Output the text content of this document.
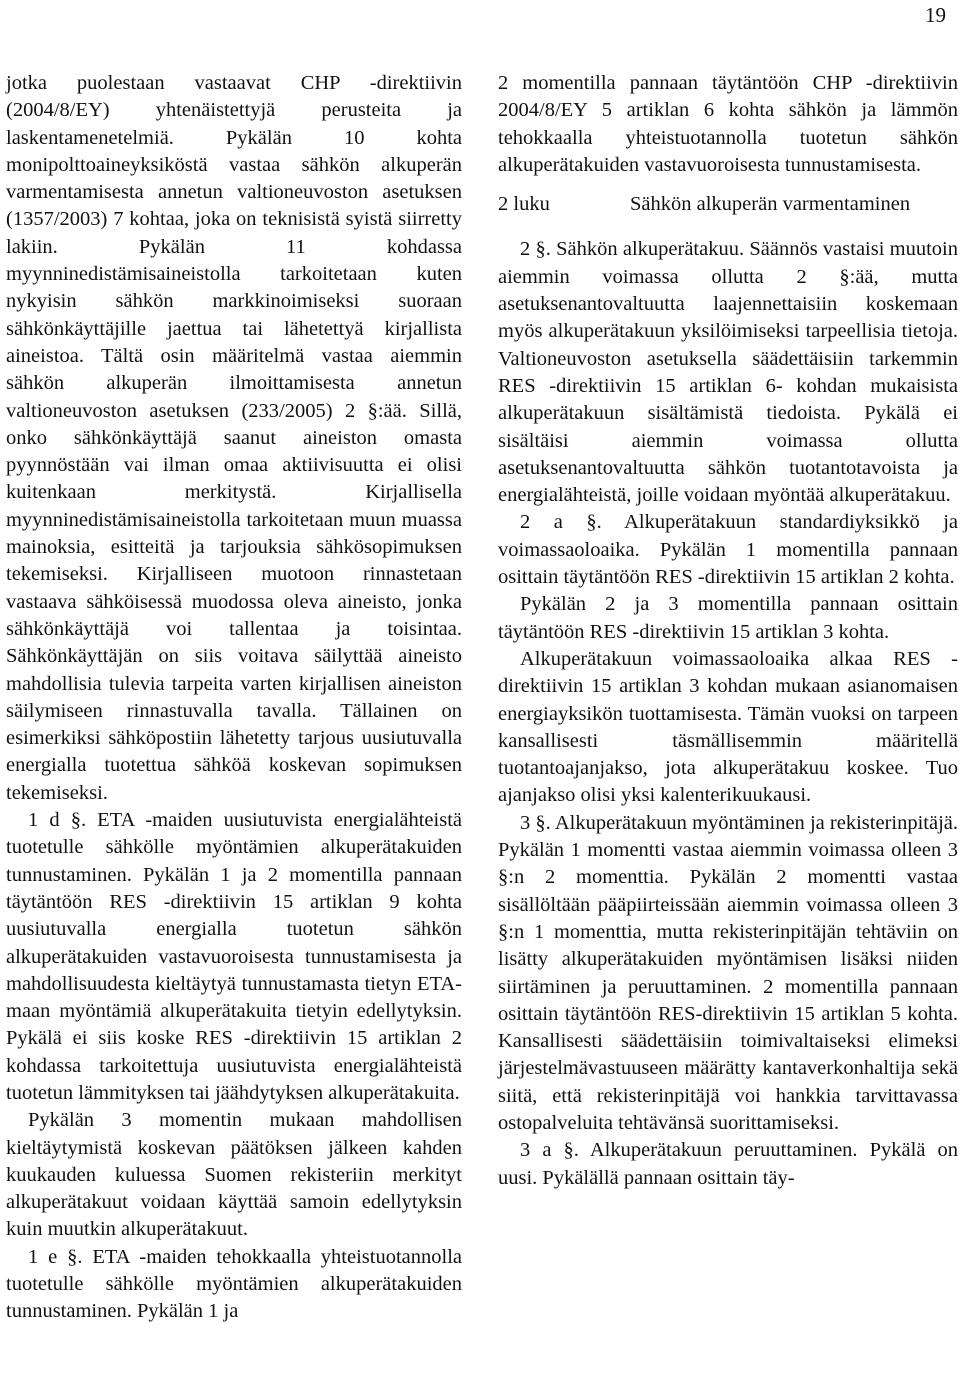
19

jotka puolestaan vastaavat CHP -direktiivin (2004/8/EY) yhtenäistettyjä perusteita ja laskentamenetelmiä. Pykälän 10 kohta monipolttoaineyksiköstä vastaa sähkön alkuperän varmentamisesta annetun valtioneuvoston asetuksen (1357/2003) 7 kohtaa, joka on teknisistä syistä siirretty lakiin. Pykälän 11 kohdassa myynninedistämisaineistolla tarkoitetaan kuten nykyisin sähkön markkinoimiseksi suoraan sähkönkäyttäjille jaettua tai lähetettyä kirjallista aineistoa. Tältä osin määritelmä vastaa aiemmin sähkön alkuperän ilmoittamisesta annetun valtioneuvoston asetuksen (233/2005) 2 §:ää. Sillä, onko sähkönkäyttäjä saanut aineiston omasta pyynnöstään vai ilman omaa aktiivisuutta ei olisi kuitenkaan merkitystä. Kirjallisella myynninedistämisaineistolla tarkoitetaan muun muassa mainoksia, esitteitä ja tarjouksia sähkösopimuksen tekemiseksi. Kirjalliseen muotoon rinnastetaan vastaava sähköisessä muodossa oleva aineisto, jonka sähkönkäyttäjä voi tallentaa ja toisintaa. Sähkönkäyttäjän on siis voitava säilyttää aineisto mahdollisia tulevia tarpeita varten kirjallisen aineiston säilymiseen rinnastuvalla tavalla. Tällainen on esimerkiksi sähköpostiin lähetetty tarjous uusiutuvalla energialla tuotettua sähköä koskevan sopimuksen tekemiseksi.

1 d §. ETA -maiden uusiutuvista energialähteistä tuotetulle sähkölle myöntämien alkuperätakuiden tunnustaminen. Pykälän 1 ja 2 momentilla pannaan täytäntöön RES -direktiivin 15 artiklan 9 kohta uusiutuvalla energialla tuotetun sähkön alkuperätakuiden vastavuoroisesta tunnustamisesta ja mahdollisuudesta kieltäytyä tunnustamasta tietyn ETA- maan myöntämiä alkuperätakuita tietyin edellytyksin. Pykälä ei siis koske RES -direktiivin 15 artiklan 2 kohdassa tarkoitettuja uusiutuvista energialähteistä tuotetun lämmityksen tai jäähdytyksen alkuperätakuita.

Pykälän 3 momentin mukaan mahdollisen kieltäytymistä koskevan päätöksen jälkeen kahden kuukauden kuluessa Suomen rekisteriin merkityt alkuperätakuut voidaan käyttää samoin edellytyksin kuin muutkin alkuperätakuut.

1 e §. ETA -maiden tehokkaalla yhteistuotannolla tuotetulle sähkölle myöntämien alkuperätakuiden tunnustaminen. Pykälän 1 ja

2 momentilla pannaan täytäntöön CHP -direktiivin 2004/8/EY 5 artiklan 6 kohta sähkön ja lämmön tehokkaalla yhteistuotannolla tuotetun sähkön alkuperätakuiden vastavuoroisesta tunnustamisesta.

2 luku	Sähkön alkuperän varmentaminen

2 §. Sähkön alkuperätakuu. Säännös vastaisi muutoin aiemmin voimassa ollutta 2 §:ää, mutta asetuksenantovaltuutta laajennettaisiin koskemaan myös alkuperätakuun yksilöimiseksi tarpeellisia tietoja. Valtioneuvoston asetuksella säädettäisiin tarkemmin RES -direktiivin 15 artiklan 6- kohdan mukaisista alkuperätakuun sisältämistä tiedoista. Pykälä ei sisältäisi aiemmin voimassa ollutta asetuksenantovaltuutta sähkön tuotantotavoista ja energialähteistä, joille voidaan myöntää alkuperätakuu.

2 a §. Alkuperätakuun standardiyksikkö ja voimassaoloaika. Pykälän 1 momentilla pannaan osittain täytäntöön RES -direktiivin 15 artiklan 2 kohta.

Pykälän 2 ja 3 momentilla pannaan osittain täytäntöön RES -direktiivin 15 artiklan 3 kohta.

Alkuperätakuun voimassaoloaika alkaa RES -direktiivin 15 artiklan 3 kohdan mukaan asianomaisen energiayksikön tuottamisesta. Tämän vuoksi on tarpeen kansallisesti täsmällisemmin määritellä tuotantoajanjakso, jota alkuperätakuu koskee. Tuo ajanjakso olisi yksi kalenterikuukausi.

3 §. Alkuperätakuun myöntäminen ja rekisterinpitäjä. Pykälän 1 momentti vastaa aiemmin voimassa olleen 3 §:n 2 momenttia. Pykälän 2 momentti vastaa sisällöltään pääpiirteissään aiemmin voimassa olleen 3 §:n 1 momenttia, mutta rekisterinpitäjän tehtäviin on lisätty alkuperätakuiden myöntämisen lisäksi niiden siirtäminen ja peruuttaminen. 2 momentilla pannaan osittain täytäntöön RES-direktiivin 15 artiklan 5 kohta. Kansallisesti säädettäisiin toimivaltaiseksi elimeksi järjestelmävastuuseen määrätty kantaverkonhaltija sekä siitä, että rekisterinpitäjä voi hankkia tarvittavassa ostopalveluita tehtävänsä suorittamiseksi.

3 a §. Alkuperätakuun peruuttaminen. Pykälä on uusi. Pykälällä pannaan osittain täy-
